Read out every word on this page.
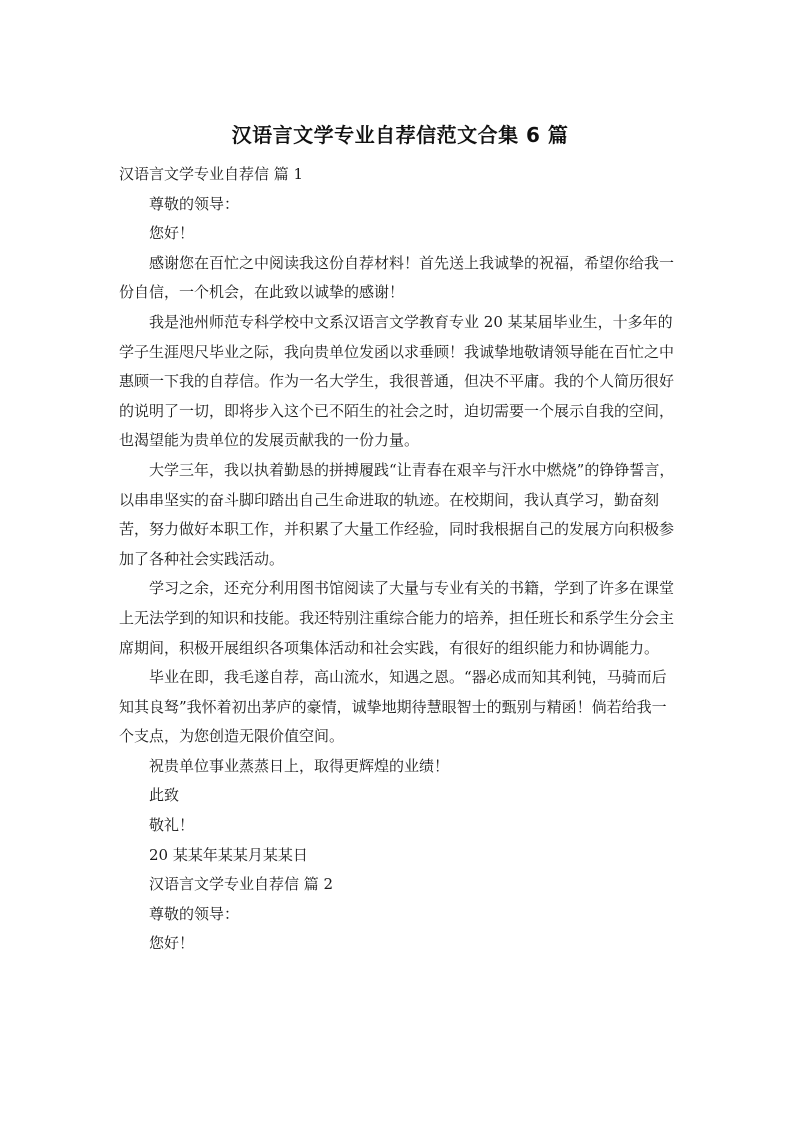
汉语言文学专业自荐信范文合集 6 篇

汉语言文学专业自荐信 篇 1

尊敬的领导：

您好！

感谢您在百忙之中阅读我这份自荐材料！首先送上我诚挚的祝福，希望你给我一份自信，一个机会，在此致以诚挚的感谢！

我是池州师范专科学校中文系汉语言文学教育专业 20 某某届毕业生，十多年的学子生涯咫尺毕业之际，我向贵单位发函以求垂顾！我诚挚地敬请领导能在百忙之中惠顾一下我的自荐信。作为一名大学生，我很普通，但决不平庸。我的个人简历很好的说明了一切，即将步入这个已不陌生的社会之时，迫切需要一个展示自我的空间，也渴望能为贵单位的发展贡献我的一份力量。

大学三年，我以执着勤恳的拼搏履践“让青春在艰辛与汗水中燃烧”的铮铮誓言，以串串坚实的奋斗脚印踏出自己生命进取的轨迹。在校期间，我认真学习，勤奋刻苦，努力做好本职工作，并积累了大量工作经验，同时我根据自己的发展方向积极参加了各种社会实践活动。

学习之余，还充分利用图书馆阅读了大量与专业有关的书籍，学到了许多在课堂上无法学到的知识和技能。我还特别注重综合能力的培养，担任班长和系学生分会主席期间，积极开展组织各项集体活动和社会实践，有很好的组织能力和协调能力。

毕业在即，我毛遂自荐，高山流水，知遇之恩。“器必成而知其利钝，马骑而后知其良驽”我怀着初出茅庐的豪情，诚挚地期待慧眼智士的甄别与精函！倘若给我一个支点，为您创造无限价值空间。

祝贵单位事业蒸蒸日上，取得更辉煌的业绩！

此致

敬礼！

20 某某年某某月某某日

汉语言文学专业自荐信 篇 2

尊敬的领导：

您好！
